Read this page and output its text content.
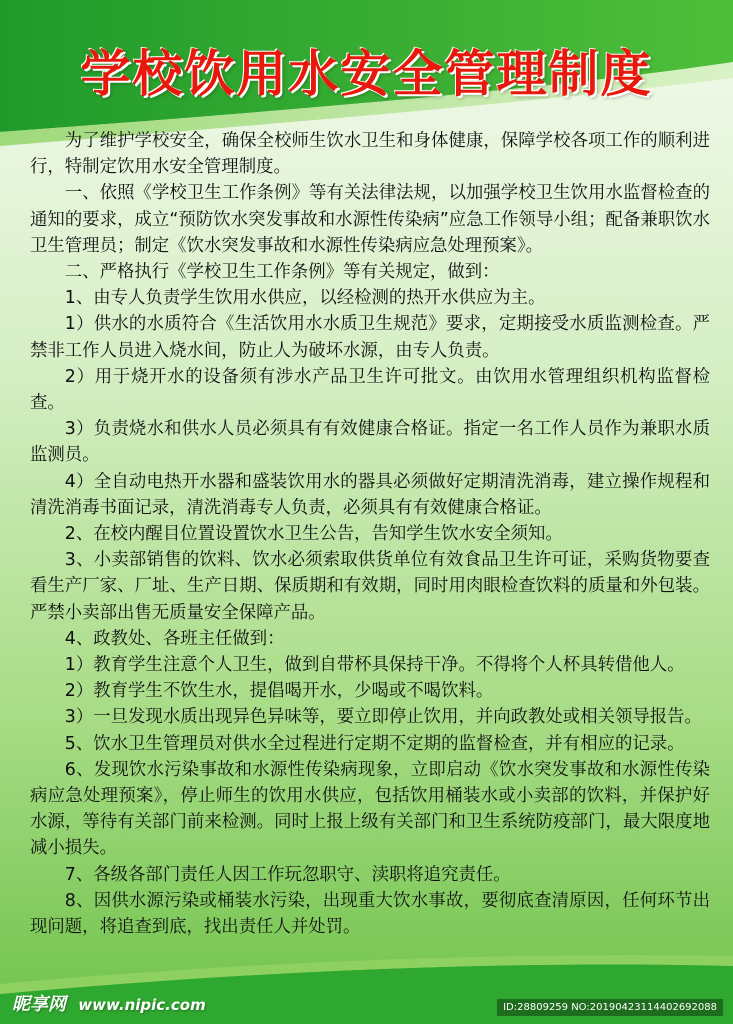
学校饮用水安全管理制度

为了维护学校安全，确保全校师生饮水卫生和身体健康，保障学校各项工作的顺利进行，特制定饮用水安全管理制度。

一、依照《学校卫生工作条例》等有关法律法规，以加强学校卫生饮用水监督检查的通知的要求，成立“预防饮水突发事故和水源性传染病”应急工作领导小组；配备兼职饮水卫生管理员；制定《饮水突发事故和水源性传染病应急处理预案》。

二、严格执行《学校卫生工作条例》等有关规定，做到：

1、由专人负责学生饮用水供应，以经检测的热开水供应为主。

1）供水的水质符合《生活饮用水水质卫生规范》要求，定期接受水质监测检查。严禁非工作人员进入烧水间，防止人为破坏水源，由专人负责。

2）用于烧开水的设备须有涉水产品卫生许可批文。由饮用水管理组织机构监督检查。

3）负责烧水和供水人员必须具有有效健康合格证。指定一名工作人员作为兼职水质监测员。

4）全自动电热开水器和盛装饮用水的器具必须做好定期清洗消毒，建立操作规程和清洗消毒书面记录，清洗消毒专人负责，必须具有有效健康合格证。

2、在校内醒目位置设置饮水卫生公告，告知学生饮水安全须知。

3、小卖部销售的饮料、饮水必须索取供货单位有效食品卫生许可证，采购货物要查看生产厂家、厂址、生产日期、保质期和有效期，同时用肉眼检查饮料的质量和外包装。严禁小卖部出售无质量安全保障产品。

4、政教处、各班主任做到：

1）教育学生注意个人卫生，做到自带杯具保持干净。不得将个人杯具转借他人。

2）教育学生不饮生水，提倡喝开水，少喝或不喝饮料。

3）一旦发现水质出现异色异味等，要立即停止饮用，并向政教处或相关领导报告。

5、饮水卫生管理员对供水全过程进行定期不定期的监督检查，并有相应的记录。

6、发现饮水污染事故和水源性传染病现象，立即启动《饮水突发事故和水源性传染病应急处理预案》，停止师生的饮用水供应，包括饮用桶装水或小卖部的饮料，并保护好水源，等待有关部门前来检测。同时上报上级有关部门和卫生系统防疫部门，最大限度地减小损失。

7、各级各部门责任人因工作玩忽职守、渎职将追究责任。

8、因供水源污染或桶装水污染，出现重大饮水事故，要彻底查清原因，任何环节出现问题，将追查到底，找出责任人并处罚。

昵享网 www.nipic.com	ID:28809259 NO:20190423114402692088
